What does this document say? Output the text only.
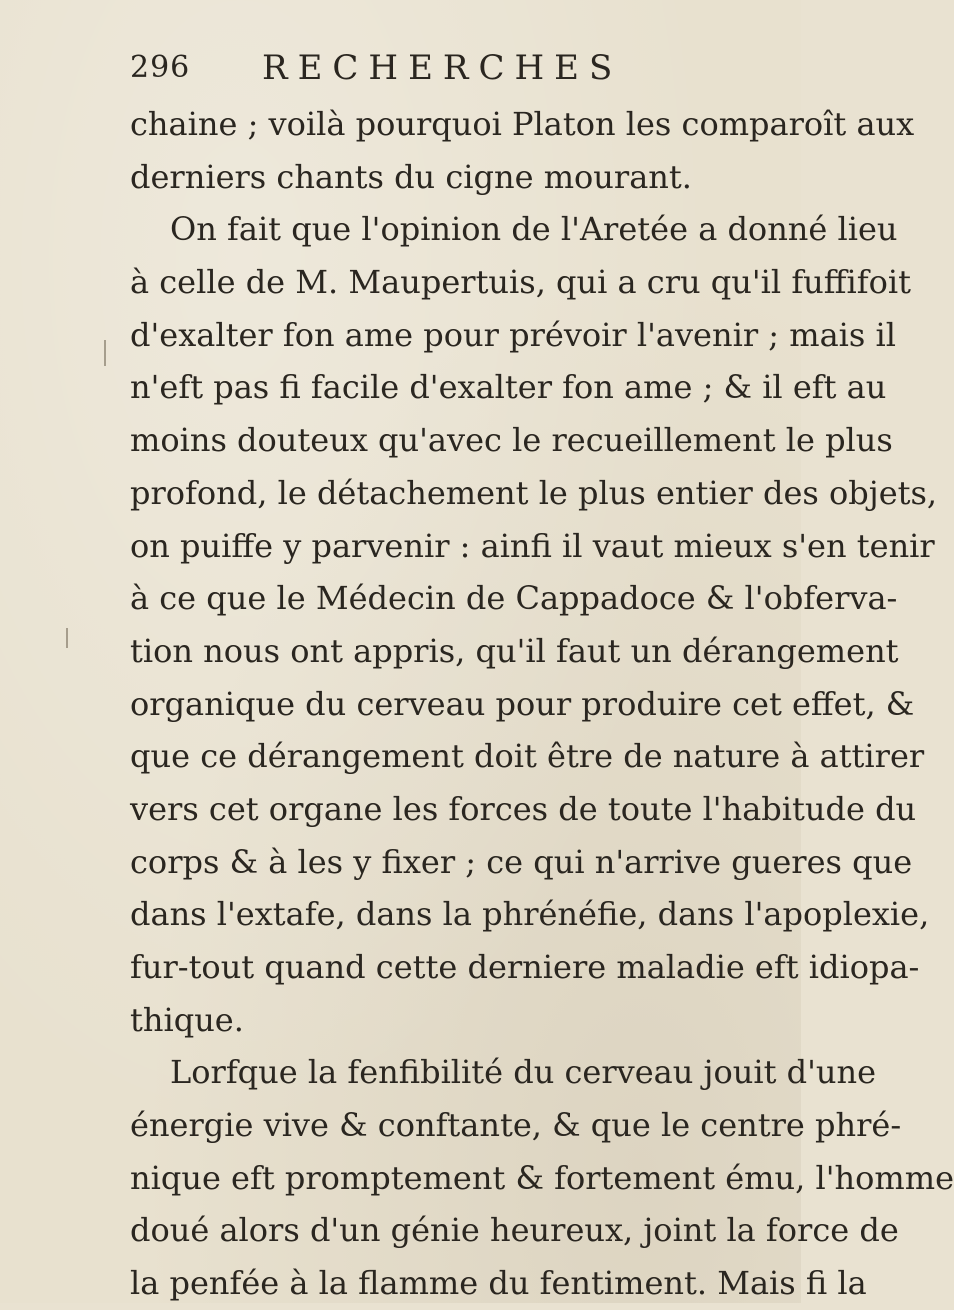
296 RECHERCHES
chaine ; voilà pourquoi Platon les comparoît aux
derniers chants du cigne mourant.
On fait que l'opinion de l'Aretée a donné lieu
à celle de M. Maupertuis, qui a cru qu'il fuffifoit
d'exalter fon ame pour prévoir l'avenir ; mais il
n'eft pas fi facile d'exalter fon ame ; & il eft au
moins douteux qu'avec le recueillement le plus
profond, le détachement le plus entier des objets,
on puiffe y parvenir : ainfi il vaut mieux s'en tenir
à ce que le Médecin de Cappadoce & l'obferva-
tion nous ont appris, qu'il faut un dérangement
organique du cerveau pour produire cet effet, &
que ce dérangement doit être de nature à attirer
vers cet organe les forces de toute l'habitude du
corps & à les y fixer ; ce qui n'arrive gueres que
dans l'extafe, dans la phrénéfie, dans l'apoplexie,
fur-tout quand cette derniere maladie eft idiopa-
thique.
Lorfque la fenfibilité du cerveau jouit d'une
énergie vive & conftante, & que le centre phré-
nique eft promptement & fortement ému, l'homme
doué alors d'un génie heureux, joint la force de
la penfée à la flamme du fentiment. Mais fi la
